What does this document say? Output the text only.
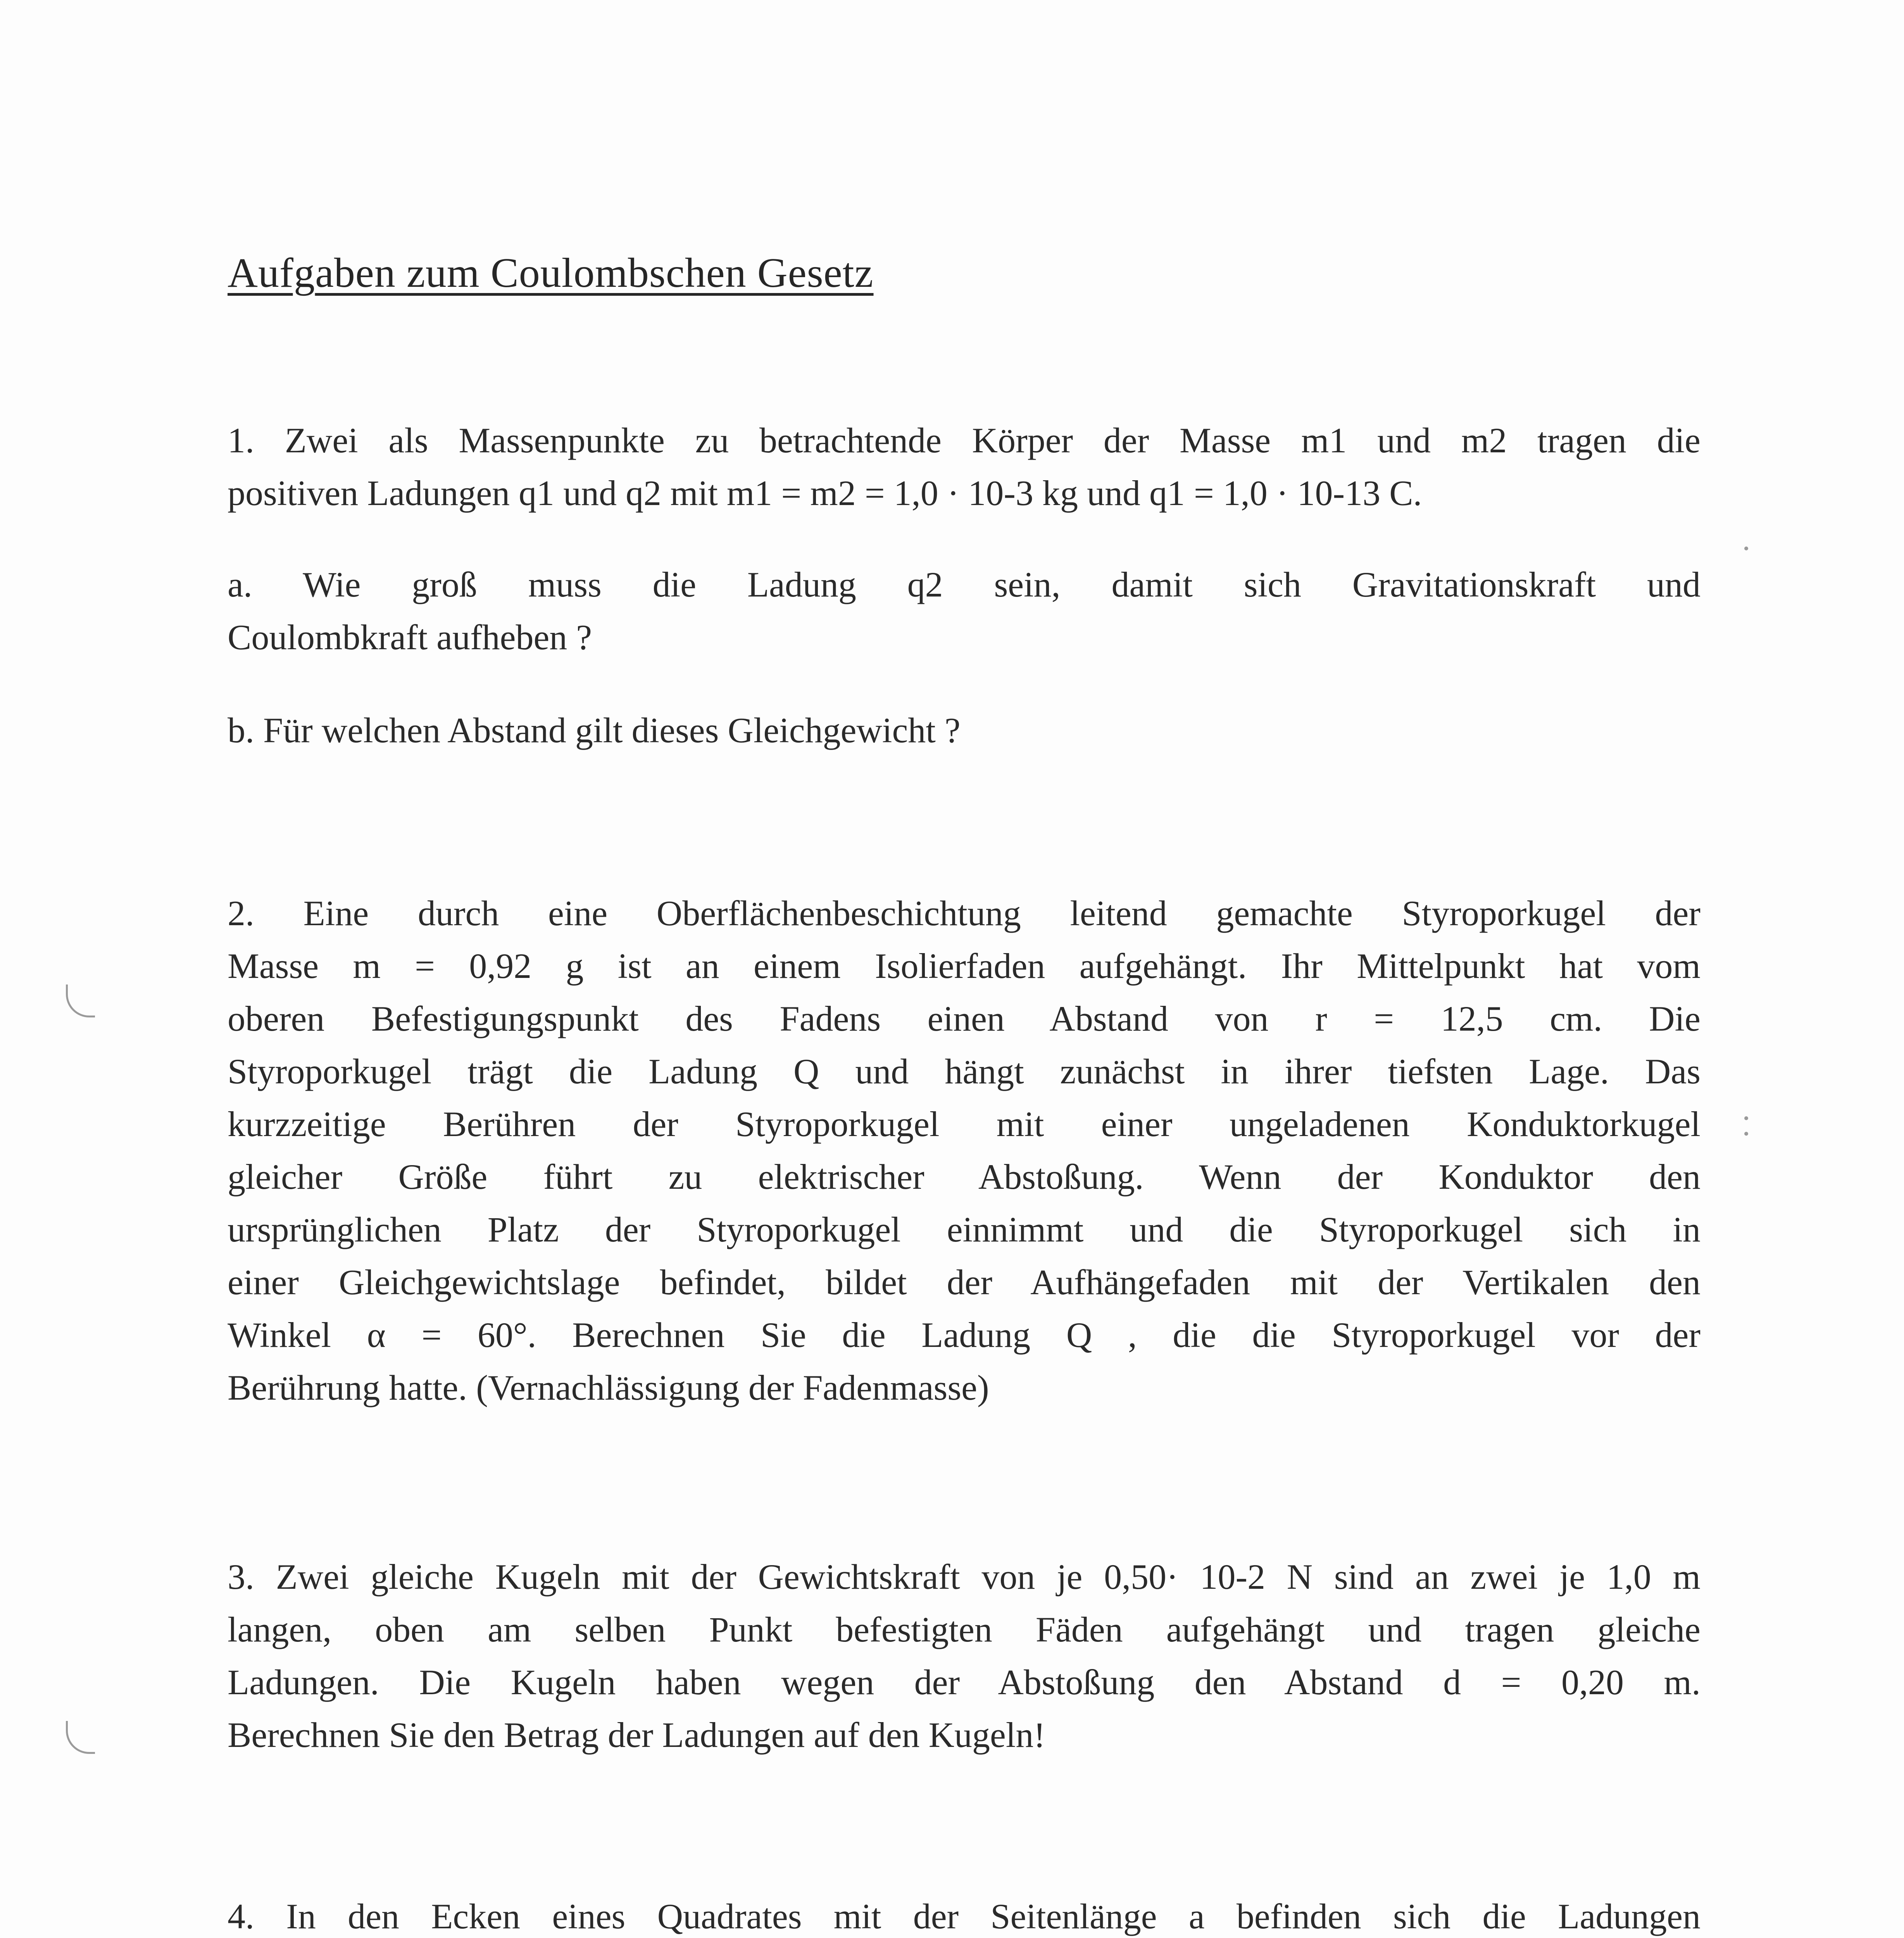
Aufgaben zum Coulombschen Gesetz
1. Zwei als Massenpunkte zu betrachtende Körper der Masse m1 und m2 tragen die
positiven Ladungen q1 und q2 mit m1 = m2 = 1,0 · 10-3 kg und q1 = 1,0 · 10-13 C.
a. Wie groß muss die Ladung q2 sein, damit sich Gravitationskraft und
Coulombkraft aufheben ?
b. Für welchen Abstand gilt dieses Gleichgewicht ?
2. Eine durch eine Oberflächenbeschichtung leitend gemachte Styroporkugel der
Masse m = 0,92 g ist an einem Isolierfaden aufgehängt. Ihr Mittelpunkt hat vom
oberen Befestigungspunkt des Fadens einen Abstand von r = 12,5 cm. Die
Styroporkugel trägt die Ladung Q und hängt zunächst in ihrer tiefsten Lage. Das
kurzzeitige Berühren der Styroporkugel mit einer ungeladenen Konduktorkugel
gleicher Größe führt zu elektrischer Abstoßung. Wenn der Konduktor den
ursprünglichen Platz der Styroporkugel einnimmt und die Styroporkugel sich in
einer Gleichgewichtslage befindet, bildet der Aufhängefaden mit der Vertikalen den
Winkel α = 60°. Berechnen Sie die Ladung Q , die die Styroporkugel vor der
Berührung hatte. (Vernachlässigung der Fadenmasse)
3. Zwei gleiche Kugeln mit der Gewichtskraft von je 0,50· 10-2 N sind an zwei je 1,0 m
langen, oben am selben Punkt befestigten Fäden aufgehängt und tragen gleiche
Ladungen. Die Kugeln haben wegen der Abstoßung den Abstand d = 0,20 m.
Berechnen Sie den Betrag der Ladungen auf den Kugeln!
4. In den Ecken eines Quadrates mit der Seitenlänge a befinden sich die Ladungen
